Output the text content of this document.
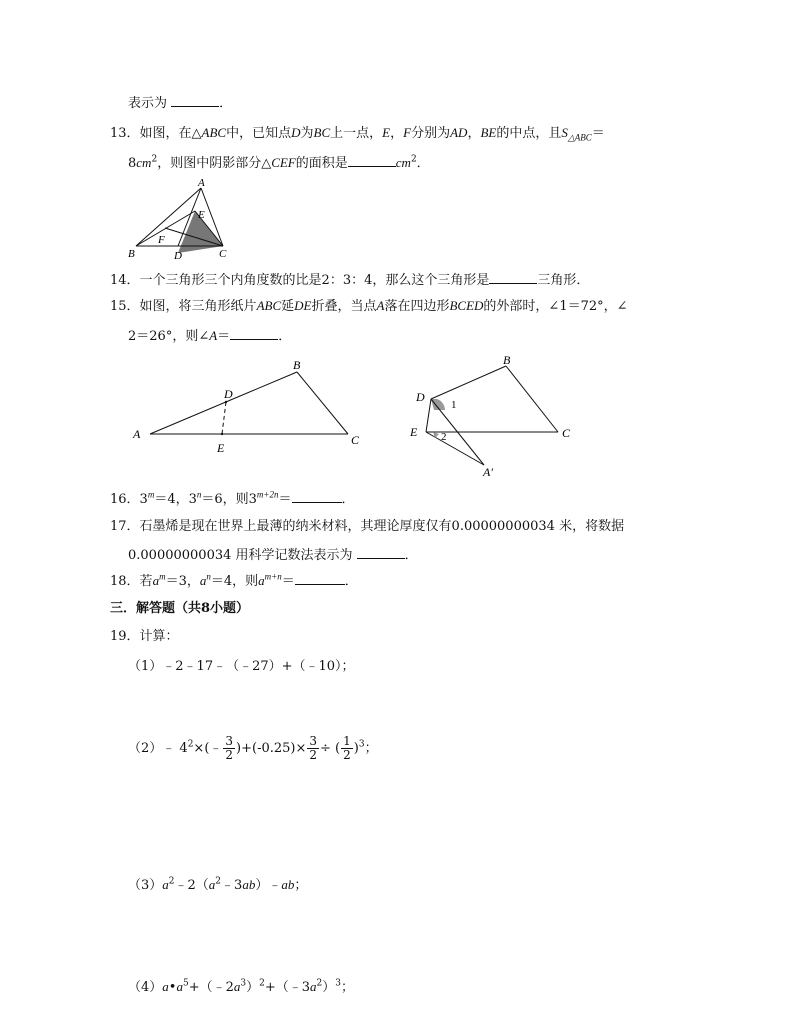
表示为	．
13．如图，在△ABC中，已知点D为BC上一点，E，F分别为AD，BE的中点，且$S_{\triangle ABC}=$
$8cm^2$，则图中阴影部分△CEF的面积是	$cm^2$．
A
B	C
D
E
F
14．一个三角形三个内角度数的比是2：3：4，那么这个三角形是	三角形．
15．如图，将三角形纸片ABC延DE折叠，当点A落在四边形BCED的外部时，∠1＝72°，∠
2＝26°，则∠A＝	．
A
B
C
D
E
B
C
D
E
A′
1
2
16．$3^m=4$，$3^n=6$，则$3^{m+2n}=$	．
17．石墨烯是现在世界上最薄的纳米材料，其理论厚度仅有0.00000000034 米，将数据
0.00000000034 用科学记数法表示为	．
18．若$a^m=3$，$a^n=4$，则$a^{m+n}=$	．
三．解答题（共8小题）
19．计算：
（1）﹣2﹣17﹣（﹣27）+（﹣10）；
（2）﹣ $4^2\times(﹣ \frac{3}{2} )+(-0.25)\times \frac{3}{2}$ ÷ ( $\frac{1}{2} )^3$；
$(3)a^2﹣2(a^2﹣3ab)﹣ab$；
$(4)a•a^5+(﹣2a^3)^2+(﹣3a^2)^3$；
